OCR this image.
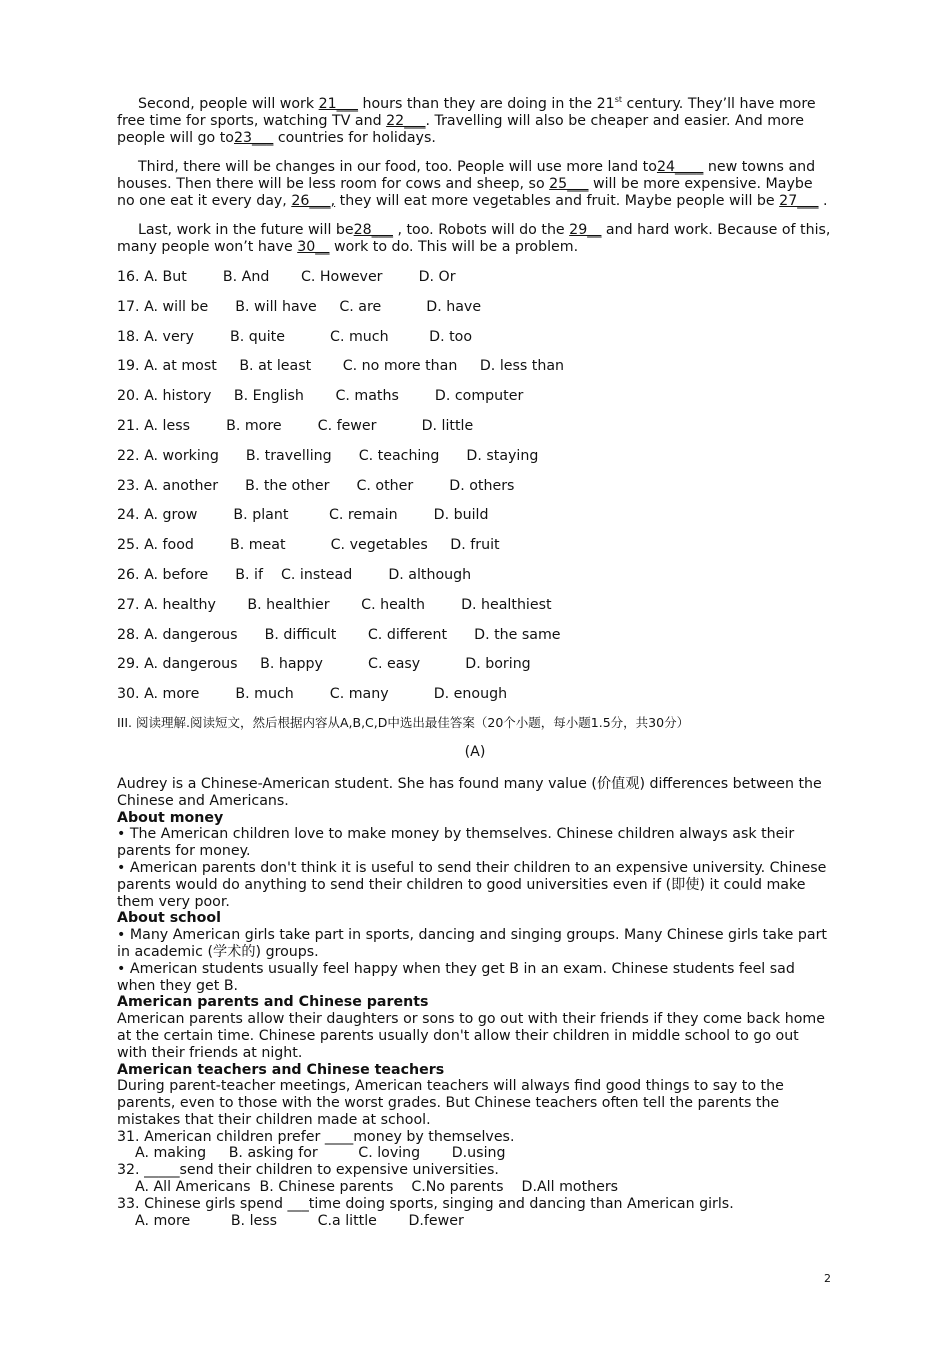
Second, people will work 21___ hours than they are doing in the 21st century. They’ll have more free time for sports, watching TV and 22___. Travelling will also be cheaper and easier. And more people will go to23___ countries for holidays.

Third, there will be changes in our food, too. People will use more land to24____ new towns and houses. Then there will be less room for cows and sheep, so 25___ will be more expensive. Maybe no one eat it every day, 26___, they will eat more vegetables and fruit. Maybe people will be 27___ .

Last, work in the future will be28___ , too. Robots will do the 29__ and hard work. Because of this, many people won’t have 30__ work to do. This will be a problem.

16. A. But        B. And       C. However        D. Or
17. A. will be      B. will have     C. are          D. have
18. A. very        B. quite          C. much         D. too
19. A. at most     B. at least       C. no more than     D. less than
20. A. history     B. English       C. maths        D. computer
21. A. less        B. more        C. fewer          D. little
22. A. working      B. travelling      C. teaching      D. staying
23. A. another      B. the other      C. other        D. others
24. A. grow        B. plant         C. remain        D. build
25. A. food        B. meat          C. vegetables     D. fruit
26. A. before      B. if    C. instead        D. although
27. A. healthy       B. healthier       C. health        D. healthiest
28. A. dangerous      B. difficult       C. different      D. the same
29. A. dangerous     B. happy          C. easy          D. boring
30. A. more        B. much        C. many          D. enough
III. 阅读理解.阅读短文，然后根据内容从A,B,C,D中选出最佳答案（20个小题，每小题1.5分，共30分）
(A)
Audrey is a Chinese-American student. She has found many value (价值观) differences between the Chinese and Americans.
About money
• The American children love to make money by themselves. Chinese children always ask their parents for money.
• American parents don't think it is useful to send their children to an expensive university. Chinese parents would do anything to send their children to good universities even if (即使) it could make them very poor.
About school
• Many American girls take part in sports, dancing and singing groups. Many Chinese girls take part in academic (学术的) groups.
• American students usually feel happy when they get B in an exam. Chinese students feel sad when they get B.
American parents and Chinese parents
American parents allow their daughters or sons to go out with their friends if they come back home at the certain time. Chinese parents usually don't allow their children in middle school to go out with their friends at night.
American teachers and Chinese teachers
During parent-teacher meetings, American teachers will always find good things to say to the parents, even to those with the worst grades. But Chinese teachers often tell the parents the mistakes that their children made at school.
31. American children prefer ____money by themselves.
A. making     B. asking for         C. loving       D.using
32. _____send their children to expensive universities.
A. All Americans  B. Chinese parents    C.No parents    D.All mothers
33. Chinese girls spend ___time doing sports, singing and dancing than American girls.
A. more         B. less         C.a little       D.fewer
2
